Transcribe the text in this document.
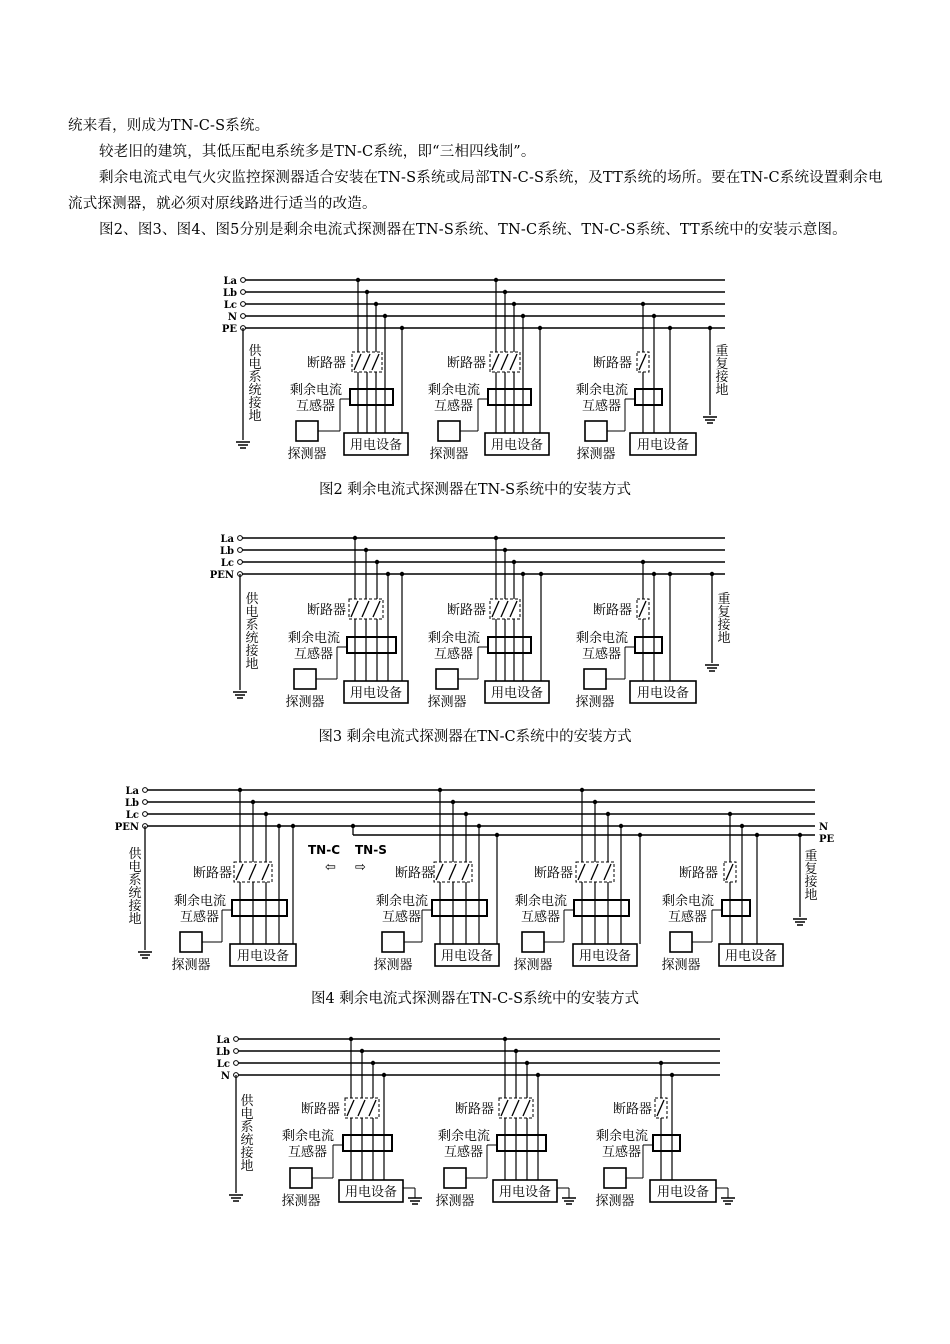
统来看，则成为TN-C-S系统。
较老旧的建筑，其低压配电系统多是TN-C系统，即“三相四线制”。
剩余电流式电气火灾监控探测器适合安装在TN-S系统或局部TN-C-S系统，及TT系统的场所。要在TN-C系统设置剩余电流式探测器，就必须对原线路进行适当的改造。
图2、图3、图4、图5分别是剩余电流式探测器在TN-S系统、TN-C系统、TN-C-S系统、TT系统中的安装示意图。
La
Lb
Lc
N
PE
供
电
系
统
接
地
重
复
接
地
断路器
剩余电流
互感器
探测器
用电设备
断路器
剩余电流
互感器
探测器
用电设备
断路器
剩余电流
互感器
探测器
用电设备
图2 剩余电流式探测器在TN-S系统中的安装方式
La
Lb
Lc
PEN
供
电
系
统
接
地
重
复
接
地
断路器
剩余电流
互感器
探测器
用电设备
断路器
剩余电流
互感器
探测器
用电设备
断路器
剩余电流
互感器
探测器
用电设备
图3 剩余电流式探测器在TN-C系统中的安装方式
La
Lb
Lc
PEN	N
PE
TN-C TN-S
⇦ ⇨
供
电
系
统
接
地
重
复
接
地
断路器
剩余电流
互感器
探测器
用电设备
断路器
剩余电流
互感器
探测器
用电设备
断路器
剩余电流
互感器
探测器
用电设备
断路器
剩余电流
互感器
探测器
用电设备
图4 剩余电流式探测器在TN-C-S系统中的安装方式
La
Lb
Lc
N
供
电
系
统
接
地
断路器
剩余电流
互感器
探测器
用电设备
断路器
剩余电流
互感器
探测器
用电设备
断路器
剩余电流
互感器
探测器
用电设备
